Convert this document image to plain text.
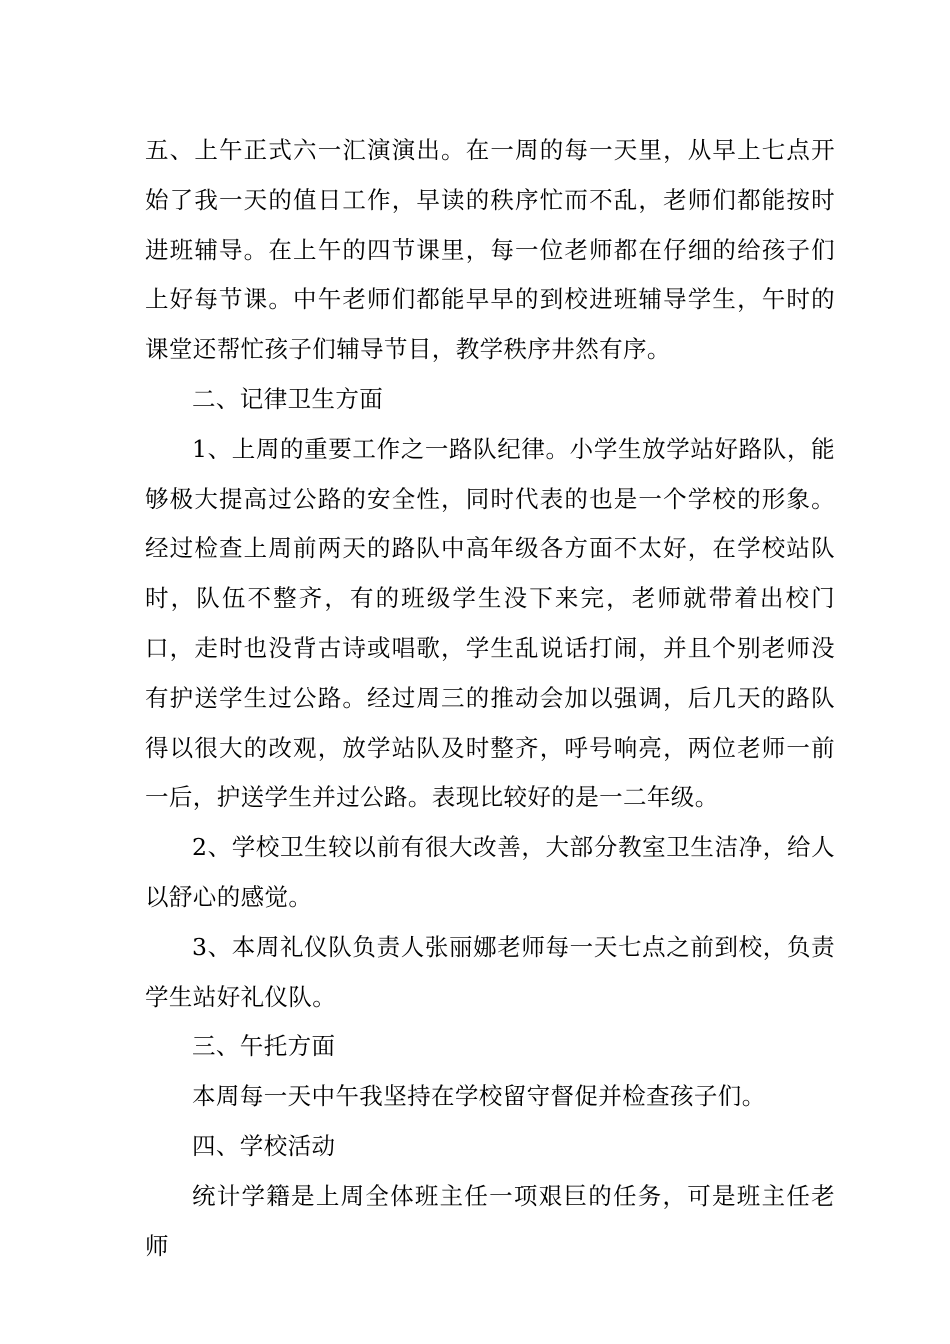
五、上午正式六一汇演演出。在一周的每一天里，从早上七点开始了我一天的值日工作，早读的秩序忙而不乱，老师们都能按时进班辅导。在上午的四节课里，每一位老师都在仔细的给孩子们上好每节课。中午老师们都能早早的到校进班辅导学生，午时的课堂还帮忙孩子们辅导节目，教学秩序井然有序。

二、记律卫生方面

1、上周的重要工作之一路队纪律。小学生放学站好路队，能够极大提高过公路的安全性，同时代表的也是一个学校的形象。经过检查上周前两天的路队中高年级各方面不太好，在学校站队时，队伍不整齐，有的班级学生没下来完，老师就带着出校门口，走时也没背古诗或唱歌，学生乱说话打闹，并且个别老师没有护送学生过公路。经过周三的推动会加以强调，后几天的路队得以很大的改观，放学站队及时整齐，呼号响亮，两位老师一前一后，护送学生并过公路。表现比较好的是一二年级。

2、学校卫生较以前有很大改善，大部分教室卫生洁净，给人以舒心的感觉。

3、本周礼仪队负责人张丽娜老师每一天七点之前到校，负责学生站好礼仪队。

三、午托方面

本周每一天中午我坚持在学校留守督促并检查孩子们。

四、学校活动

统计学籍是上周全体班主任一项艰巨的任务，可是班主任老师
